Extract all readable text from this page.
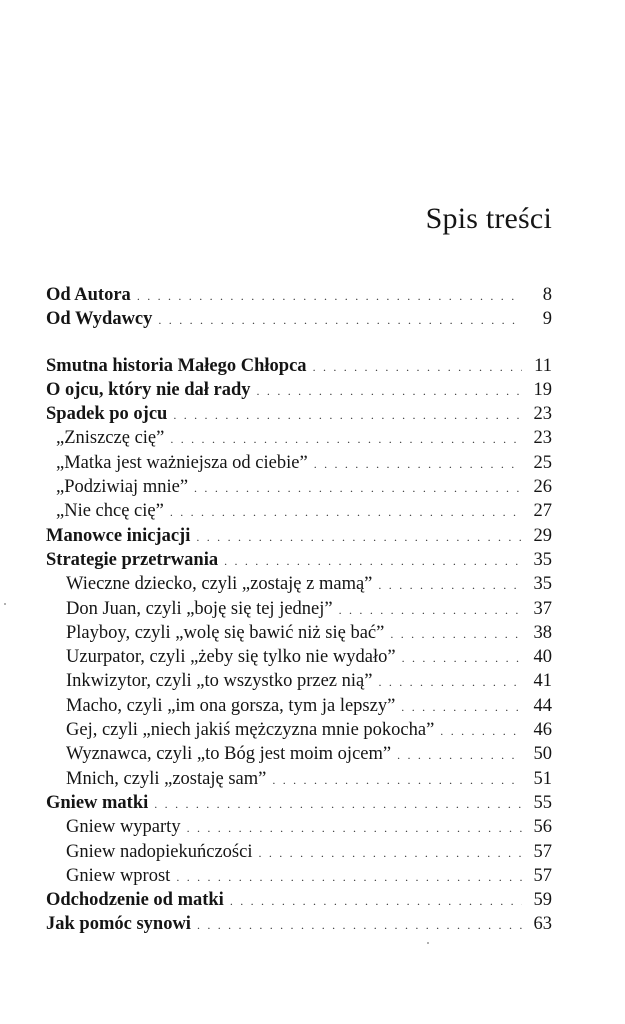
Spis treści
Od Autora . . .	8
Od Wydawcy . . .	9
Smutna historia Małego Chłopca . . .	11
O ojcu, który nie dał rady . . .	19
Spadek po ojcu . . .	23
„Zniszczę cię” . . .	23
„Matka jest ważniejsza od ciebie” . . .	25
„Podziwiaj mnie” . . .	26
„Nie chcę cię” . . .	27
Manowce inicjacji . . .	29
Strategie przetrwania . . .	35
Wieczne dziecko, czyli „zostaję z mamą” . . .	35
Don Juan, czyli „boję się tej jednej” . . .	37
Playboy, czyli „wolę się bawić niż się bać” . . .	38
Uzurpator, czyli „żeby się tylko nie wydało” . . .	40
Inkwizytor, czyli „to wszystko przez nią” . . .	41
Macho, czyli „im ona gorsza, tym ja lepszy” . . .	44
Gej, czyli „niech jakiś mężczyzna mnie pokocha” . . .	46
Wyznawca, czyli „to Bóg jest moim ojcem” . . .	50
Mnich, czyli „zostaję sam” . . .	51
Gniew matki . . .	55
Gniew wyparty . . .	56
Gniew nadopiekuńczości . . .	57
Gniew wprost . . .	57
Odchodzenie od matki . . .	59
Jak pomóc synowi . . .	63
